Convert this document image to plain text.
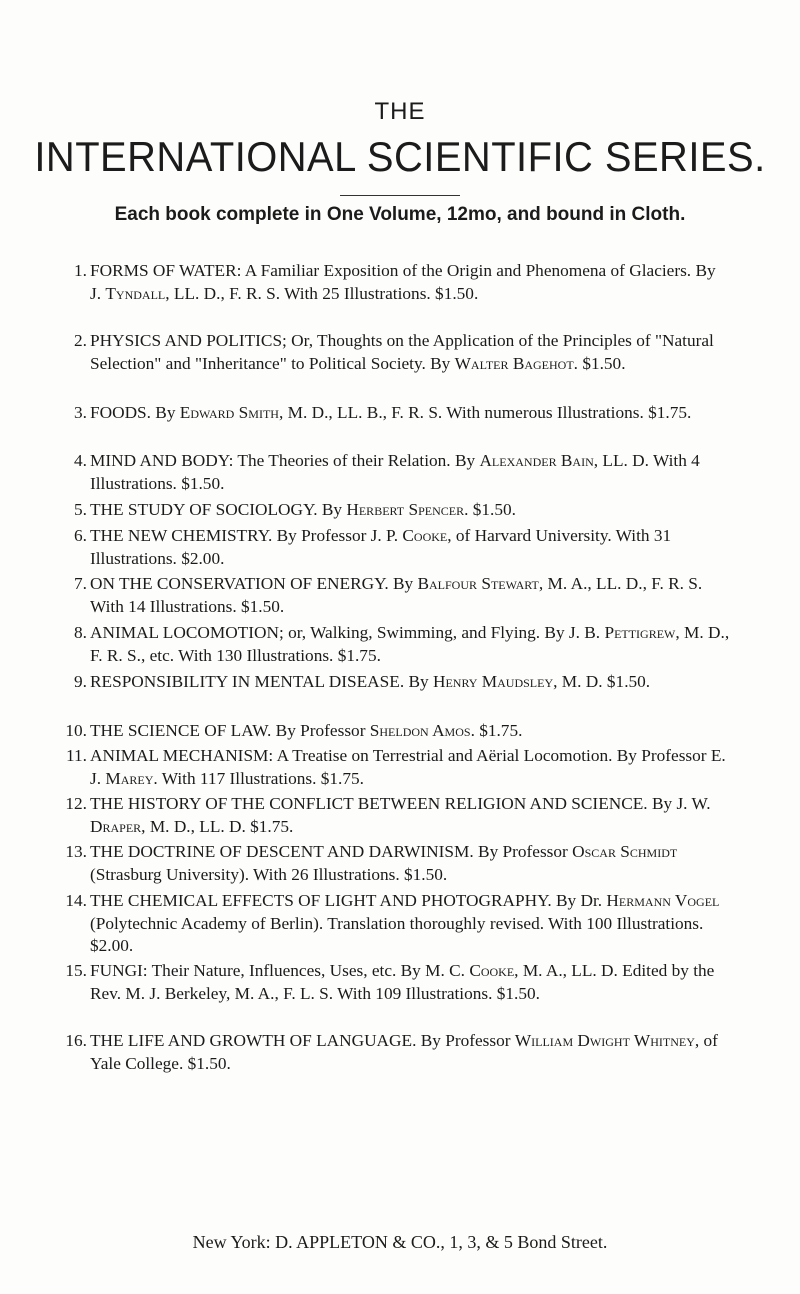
THE
INTERNATIONAL SCIENTIFIC SERIES.
Each book complete in One Volume, 12mo, and bound in Cloth.
1. FORMS OF WATER: A Familiar Exposition of the Origin and Phenomena of Glaciers. By J. Tyndall, LL. D., F. R. S. With 25 Illustrations. $1.50.
2. PHYSICS AND POLITICS; Or, Thoughts on the Application of the Principles of "Natural Selection" and "Inheritance" to Political Society. By Walter Bagehot. $1.50.
3. FOODS. By Edward Smith, M. D., LL. B., F. R. S. With numerous Illustrations. $1.75.
4. MIND AND BODY: The Theories of their Relation. By Alexander Bain, LL. D. With 4 Illustrations. $1.50.
5. THE STUDY OF SOCIOLOGY. By Herbert Spencer. $1.50.
6. THE NEW CHEMISTRY. By Professor J. P. Cooke, of Harvard University. With 31 Illustrations. $2.00.
7. ON THE CONSERVATION OF ENERGY. By Balfour Stewart, M. A., LL. D., F. R. S. With 14 Illustrations. $1.50.
8. ANIMAL LOCOMOTION; or, Walking, Swimming, and Flying. By J. B. Pettigrew, M. D., F. R. S., etc. With 130 Illustrations. $1.75.
9. RESPONSIBILITY IN MENTAL DISEASE. By Henry Maudsley, M. D. $1.50.
10. THE SCIENCE OF LAW. By Professor Sheldon Amos. $1.75.
11. ANIMAL MECHANISM: A Treatise on Terrestrial and Aërial Locomotion. By Professor E. J. Marey. With 117 Illustrations. $1.75.
12. THE HISTORY OF THE CONFLICT BETWEEN RELIGION AND SCIENCE. By J. W. Draper, M. D., LL. D. $1.75.
13. THE DOCTRINE OF DESCENT AND DARWINISM. By Professor Oscar Schmidt (Strasburg University). With 26 Illustrations. $1.50.
14. THE CHEMICAL EFFECTS OF LIGHT AND PHOTOGRAPHY. By Dr. Hermann Vogel (Polytechnic Academy of Berlin). Translation thoroughly revised. With 100 Illustrations. $2.00.
15. FUNGI: Their Nature, Influences, Uses, etc. By M. C. Cooke, M. A., LL. D. Edited by the Rev. M. J. Berkeley, M. A., F. L. S. With 109 Illustrations. $1.50.
16. THE LIFE AND GROWTH OF LANGUAGE. By Professor William Dwight Whitney, of Yale College. $1.50.
New York: D. APPLETON & CO., 1, 3, & 5 Bond Street.
